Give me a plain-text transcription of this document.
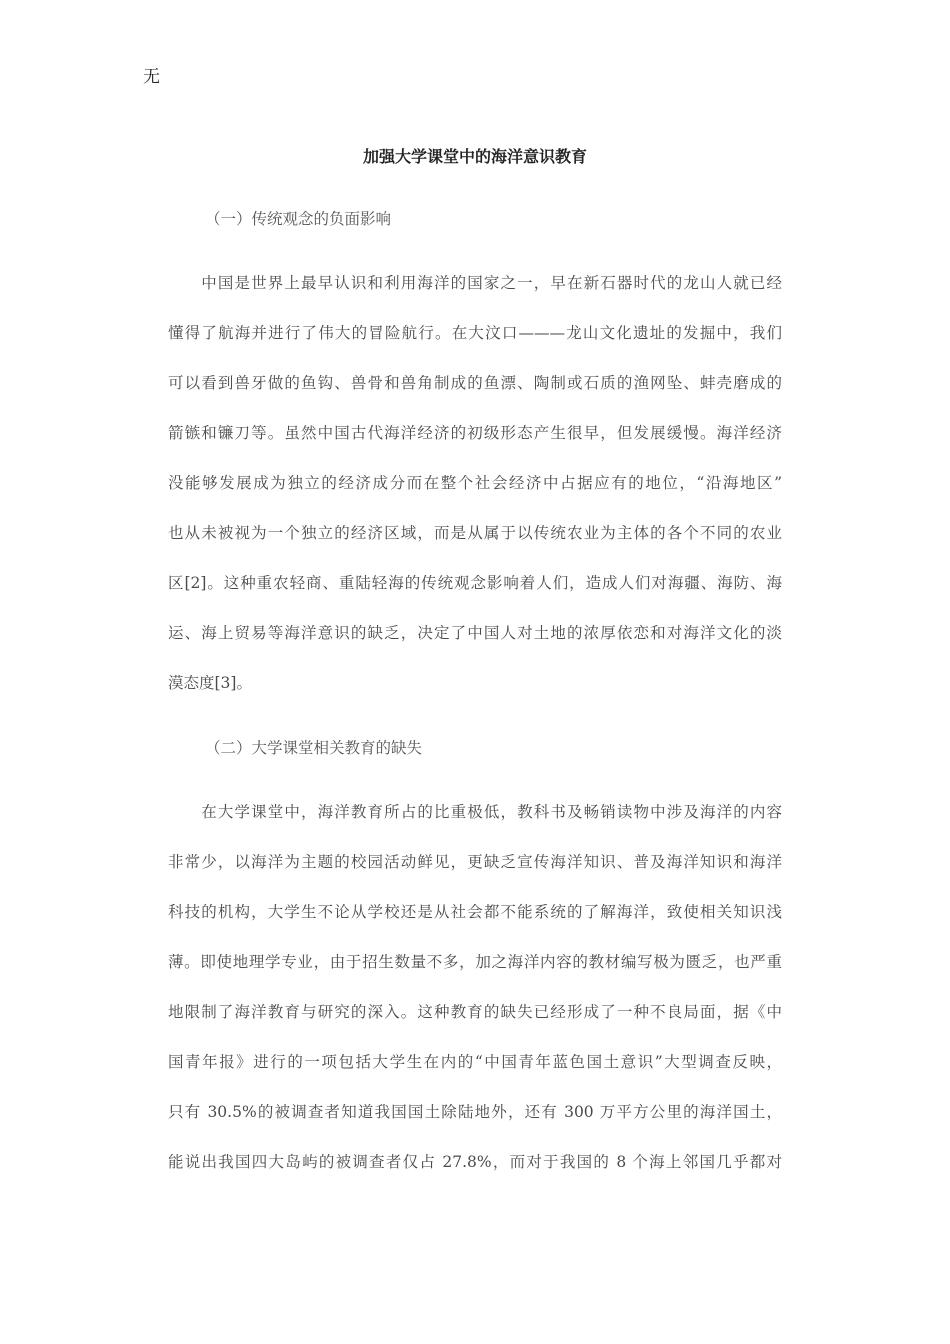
无
加强大学课堂中的海洋意识教育
（一）传统观念的负面影响
　　中国是世界上最早认识和利用海洋的国家之一，早在新石器时代的龙山人就已经
懂得了航海并进行了伟大的冒险航行。在大汶口———龙山文化遗址的发掘中，我们
可以看到兽牙做的鱼钩、兽骨和兽角制成的鱼漂、陶制或石质的渔网坠、蚌壳磨成的
箭镞和镰刀等。虽然中国古代海洋经济的初级形态产生很早，但发展缓慢。海洋经济
没能够发展成为独立的经济成分而在整个社会经济中占据应有的地位，“沿海地区”
也从未被视为一个独立的经济区域，而是从属于以传统农业为主体的各个不同的农业
区[2]。这种重农轻商、重陆轻海的传统观念影响着人们，造成人们对海疆、海防、海
运、海上贸易等海洋意识的缺乏，决定了中国人对土地的浓厚依恋和对海洋文化的淡
漠态度[3]。
（二）大学课堂相关教育的缺失
　　在大学课堂中，海洋教育所占的比重极低，教科书及畅销读物中涉及海洋的内容
非常少，以海洋为主题的校园活动鲜见，更缺乏宣传海洋知识、普及海洋知识和海洋
科技的机构，大学生不论从学校还是从社会都不能系统的了解海洋，致使相关知识浅
薄。即使地理学专业，由于招生数量不多，加之海洋内容的教材编写极为匮乏，也严重
地限制了海洋教育与研究的深入。这种教育的缺失已经形成了一种不良局面，据《中
国青年报》进行的一项包括大学生在内的“中国青年蓝色国土意识”大型调查反映，
只有 30.5%的被调查者知道我国国土除陆地外，还有 300 万平方公里的海洋国土，
能说出我国四大岛屿的被调查者仅占 27.8%，而对于我国的 8 个海上邻国几乎都对
